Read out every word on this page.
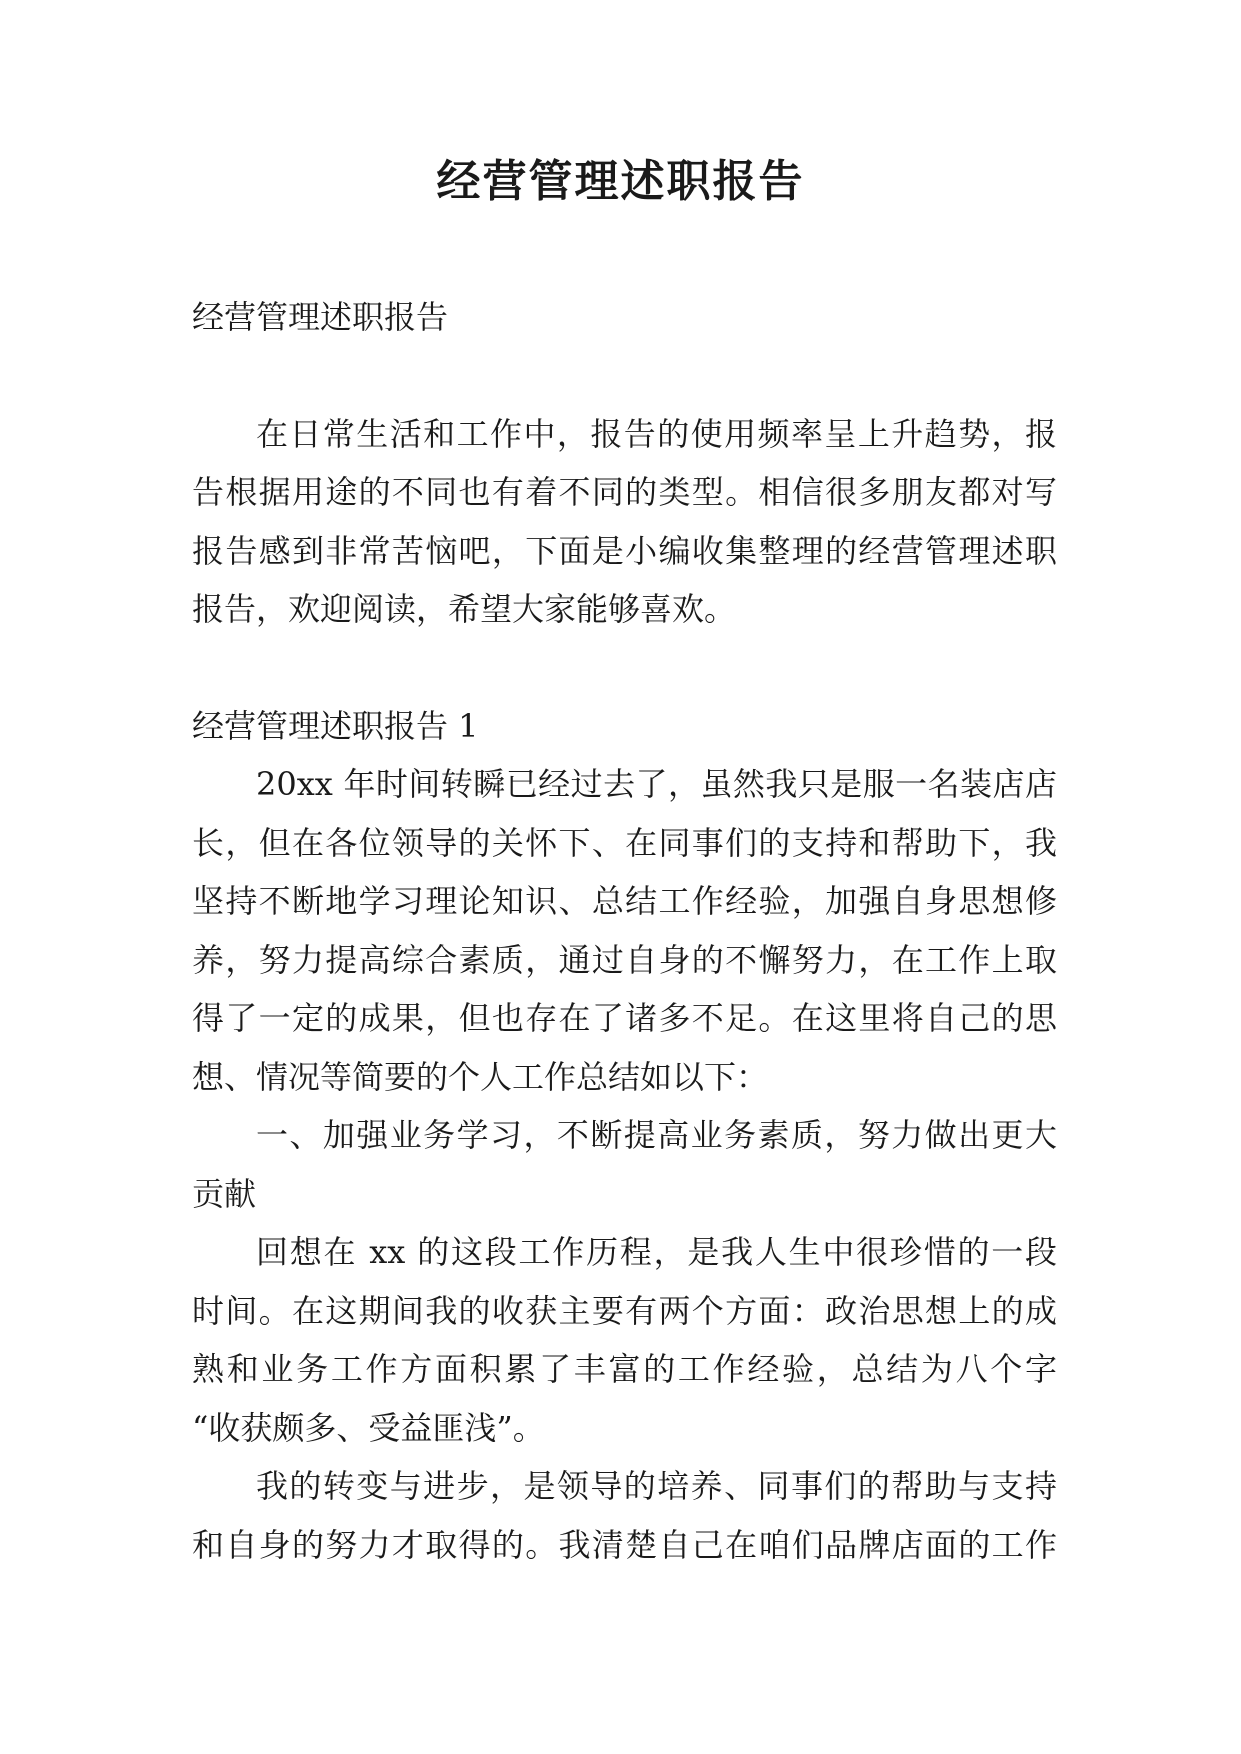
经营管理述职报告

经营管理述职报告

在日常生活和工作中，报告的使用频率呈上升趋势，报

告根据用途的不同也有着不同的类型。相信很多朋友都对写

报告感到非常苦恼吧，下面是小编收集整理的经营管理述职

报告，欢迎阅读，希望大家能够喜欢。

经营管理述职报告 1

20xx 年时间转瞬已经过去了，虽然我只是服一名装店店

长，但在各位领导的关怀下、在同事们的支持和帮助下，我

坚持不断地学习理论知识、总结工作经验，加强自身思想修

养，努力提高综合素质，通过自身的不懈努力，在工作上取

得了一定的成果，但也存在了诸多不足。在这里将自己的思

想、情况等简要的个人工作总结如以下：

一、加强业务学习，不断提高业务素质，努力做出更大

贡献

回想在 xx 的这段工作历程，是我人生中很珍惜的一段

时间。在这期间我的收获主要有两个方面：政治思想上的成

熟和业务工作方面积累了丰富的工作经验，总结为八个字

“收获颇多、受益匪浅”。

我的转变与进步，是领导的培养、同事们的帮助与支持

和自身的努力才取得的。我清楚自己在咱们品牌店面的工作
